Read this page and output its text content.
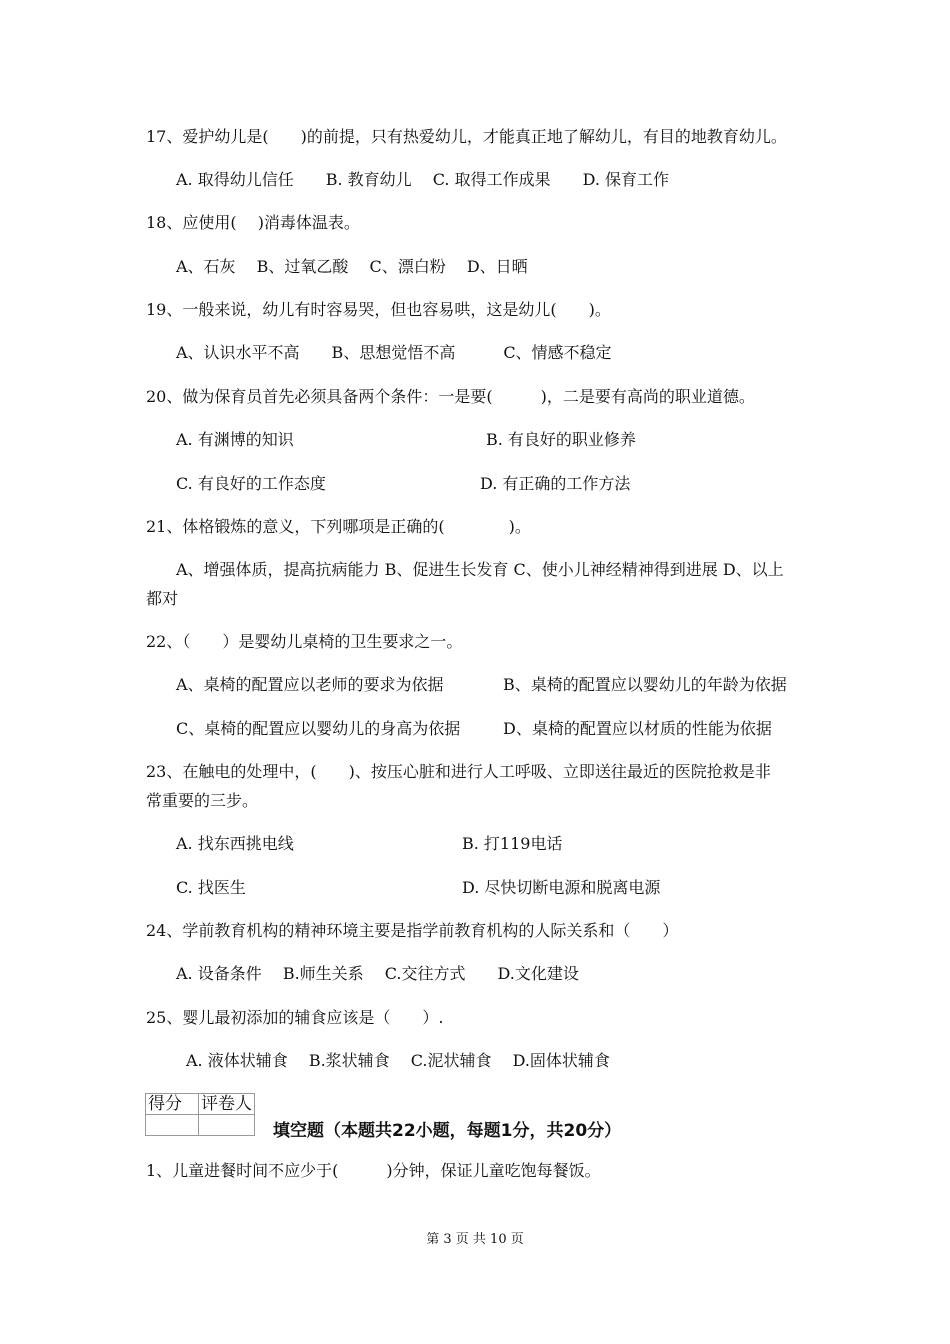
17、爱护幼儿是(　　)的前提，只有热爱幼儿，才能真正地了解幼儿，有目的地教育幼儿。
A. 取得幼儿信任　　B. 教育幼儿　 C. 取得工作成果　　D. 保育工作
18、应使用(　 )消毒体温表。
A、石灰　 B、过氧乙酸　 C、漂白粉　 D、日晒
19、一般来说，幼儿有时容易哭，但也容易哄，这是幼儿(　　)。
A、认识水平不高　　B、思想觉悟不高　　　C、情感不稳定
20、做为保育员首先必须具备两个条件：一是要(　　　)，二是要有高尚的职业道德。
A. 有渊博的知识	B. 有良好的职业修养
C. 有良好的工作态度	D. 有正确的工作方法
21、体格锻炼的意义，下列哪项是正确的(　　　　)。
A、增强体质，提高抗病能力 B、促进生长发育 C、使小儿神经精神得到进展 D、以上
都对
22、（　　）是婴幼儿桌椅的卫生要求之一。
A、桌椅的配置应以老师的要求为依据	B、桌椅的配置应以婴幼儿的年龄为依据
C、桌椅的配置应以婴幼儿的身高为依据	D、桌椅的配置应以材质的性能为依据
23、在触电的处理中，(　　)、按压心脏和进行人工呼吸、立即送往最近的医院抢救是非
常重要的三步。
A. 找东西挑电线	B. 打119电话
C. 找医生	D. 尽快切断电源和脱离电源
24、学前教育机构的精神环境主要是指学前教育机构的人际关系和（　　）
A. 设备条件　 B.师生关系　 C.交往方式　　D.文化建设
25、婴儿最初添加的辅食应该是（　　）.
A. 液体状辅食　 B.浆状辅食　 C.泥状辅食　 D.固体状辅食
得分	评卷人

填空题（本题共22小题，每题1分，共20分）
1、儿童进餐时间不应少于(　　　)分钟，保证儿童吃饱每餐饭。
第 3 页 共 10 页
